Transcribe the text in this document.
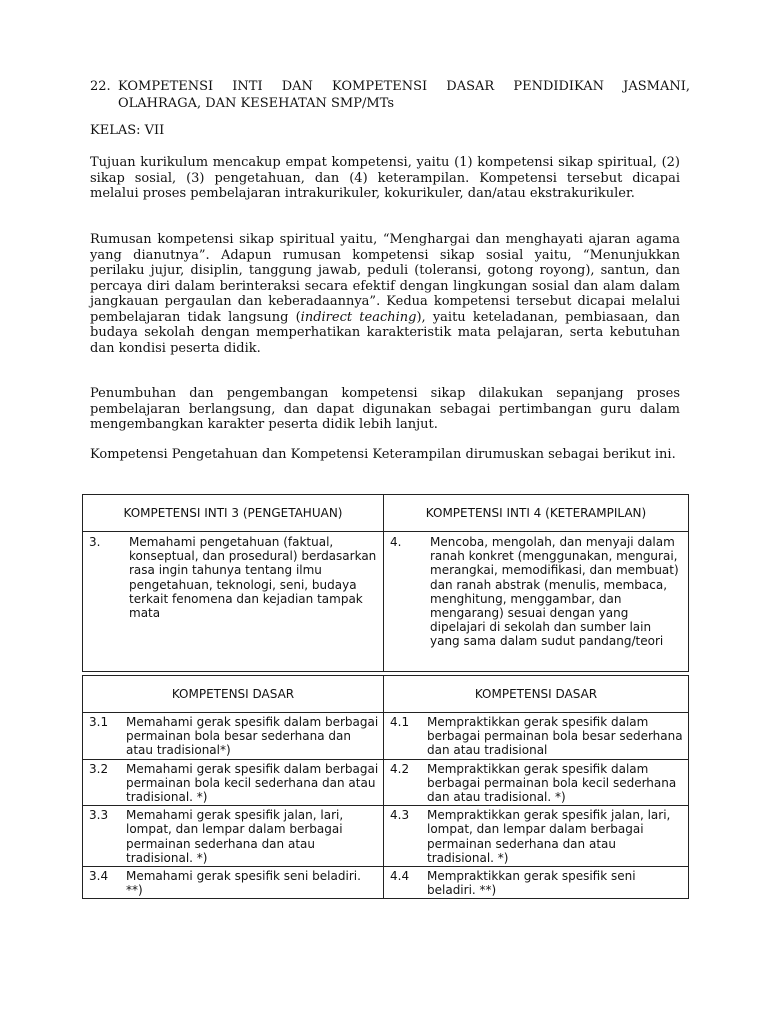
22. KOMPETENSI INTI DAN KOMPETENSI DASAR PENDIDIKAN JASMANI,
OLAHRAGA, DAN KESEHATAN SMP/MTs
KELAS: VII

Tujuan kurikulum mencakup empat kompetensi, yaitu (1) kompetensi sikap spiritual, (2) sikap sosial, (3) pengetahuan, dan (4) keterampilan. Kompetensi tersebut dicapai melalui proses pembelajaran intrakurikuler, kokurikuler, dan/atau ekstrakurikuler.

Rumusan kompetensi sikap spiritual yaitu, “Menghargai dan menghayati ajaran agama yang dianutnya”. Adapun rumusan kompetensi sikap sosial yaitu, “Menunjukkan perilaku jujur, disiplin, tanggung jawab, peduli (toleransi, gotong royong), santun, dan percaya diri dalam berinteraksi secara efektif dengan lingkungan sosial dan alam dalam jangkauan pergaulan dan keberadaannya”. Kedua kompetensi tersebut dicapai melalui pembelajaran tidak langsung (indirect teaching), yaitu keteladanan, pembiasaan, dan budaya sekolah dengan memperhatikan karakteristik mata pelajaran, serta kebutuhan dan kondisi peserta didik.

Penumbuhan dan pengembangan kompetensi sikap dilakukan sepanjang proses pembelajaran berlangsung, dan dapat digunakan sebagai pertimbangan guru dalam mengembangkan karakter peserta didik lebih lanjut.

Kompetensi Pengetahuan dan Kompetensi Keterampilan dirumuskan sebagai berikut ini.

KOMPETENSI INTI 3 (PENGETAHUAN)	KOMPETENSI INTI 4 (KETERAMPILAN)

3. Memahami pengetahuan (faktual, konseptual, dan prosedural) berdasarkan rasa ingin tahunya tentang ilmu pengetahuan, teknologi, seni, budaya terkait fenomena dan kejadian tampak mata	4. Mencoba, mengolah, dan menyaji dalam ranah konkret (menggunakan, mengurai, merangkai, memodifikasi, dan membuat) dan ranah abstrak (menulis, membaca, menghitung, menggambar, dan mengarang) sesuai dengan yang dipelajari di sekolah dan sumber lain yang sama dalam sudut pandang/teori
KOMPETENSI DASAR	KOMPETENSI DASAR

3.1 Memahami gerak spesifik dalam berbagai permainan bola besar sederhana dan atau tradisional*)	4.1 Mempraktikkan gerak spesifik dalam berbagai permainan bola besar sederhana dan atau tradisional

3.2 Memahami gerak spesifik dalam berbagai permainan bola kecil sederhana dan atau tradisional. *)	4.2 Mempraktikkan gerak spesifik dalam berbagai permainan bola kecil sederhana dan atau tradisional. *)

3.3 Memahami gerak spesifik jalan, lari, lompat, dan lempar dalam berbagai permainan sederhana dan atau tradisional. *)	4.3 Mempraktikkan gerak spesifik jalan, lari, lompat, dan lempar dalam berbagai permainan sederhana dan atau tradisional. *)

3.4 Memahami gerak spesifik seni beladiri. **)	4.4 Mempraktikkan gerak spesifik seni beladiri. **)
